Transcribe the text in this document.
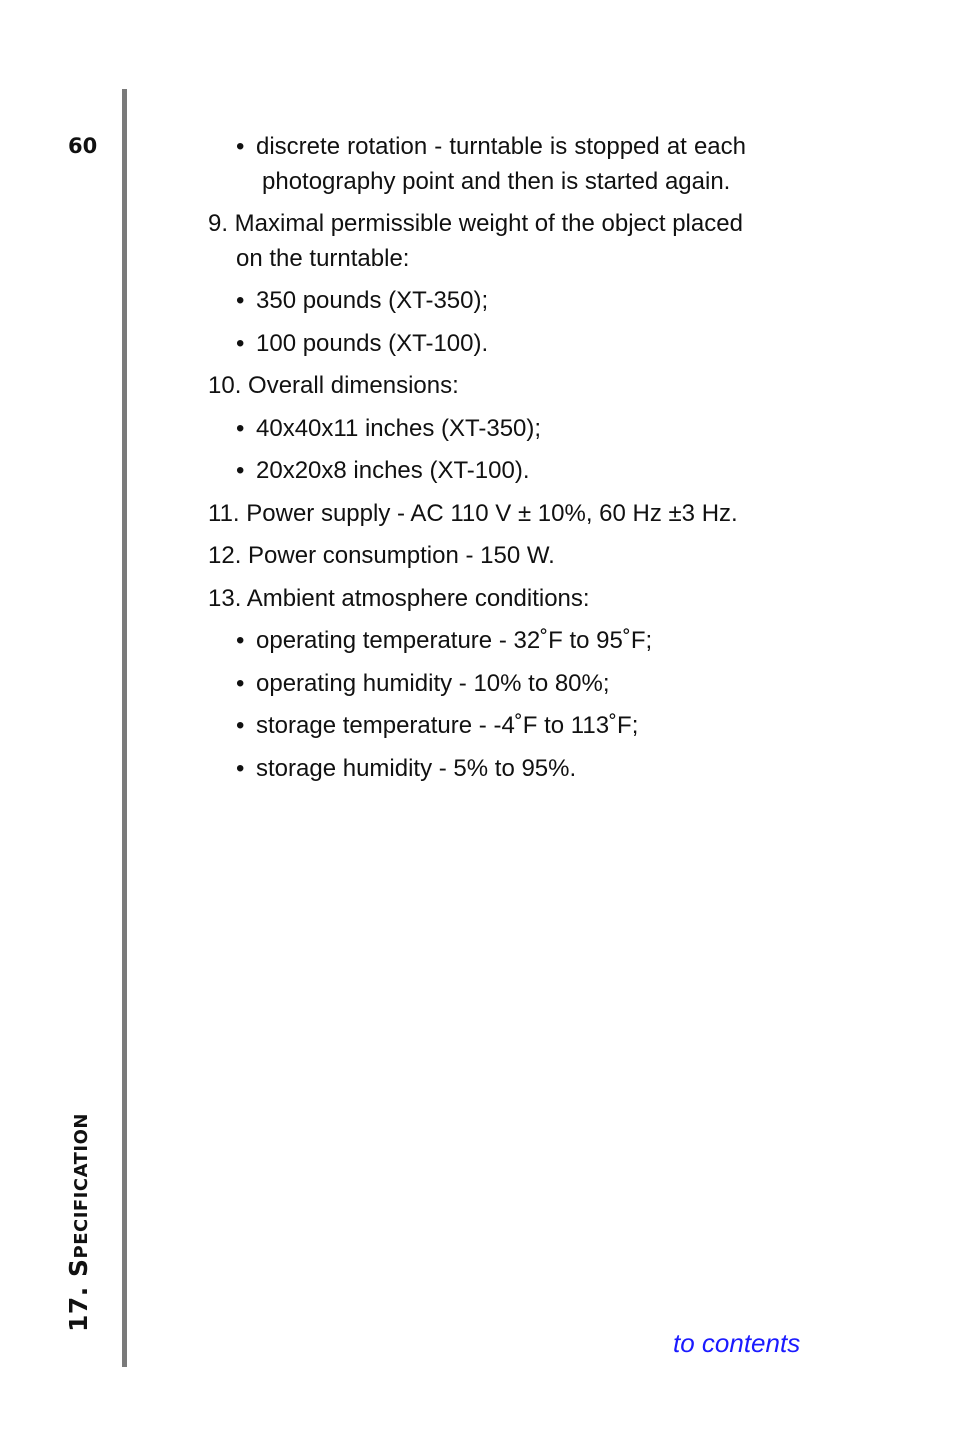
60
17. Specification
• discrete rotation - turntable is stopped at each photography point and then is started again.
9. Maximal permissible weight of the object placed on the turntable:
• 350 pounds (XT-350);
• 100 pounds (XT-100).
10. Overall dimensions:
• 40x40x11 inches (XT-350);
• 20x20x8 inches (XT-100).
11. Power supply - AC 110 V ± 10%, 60 Hz ±3 Hz.
12. Power consumption - 150 W.
13. Ambient atmosphere conditions:
• operating temperature - 32˚F to 95˚F;
• operating humidity - 10% to 80%;
• storage temperature - -4˚F to 113˚F;
• storage humidity - 5% to 95%.
to contents
